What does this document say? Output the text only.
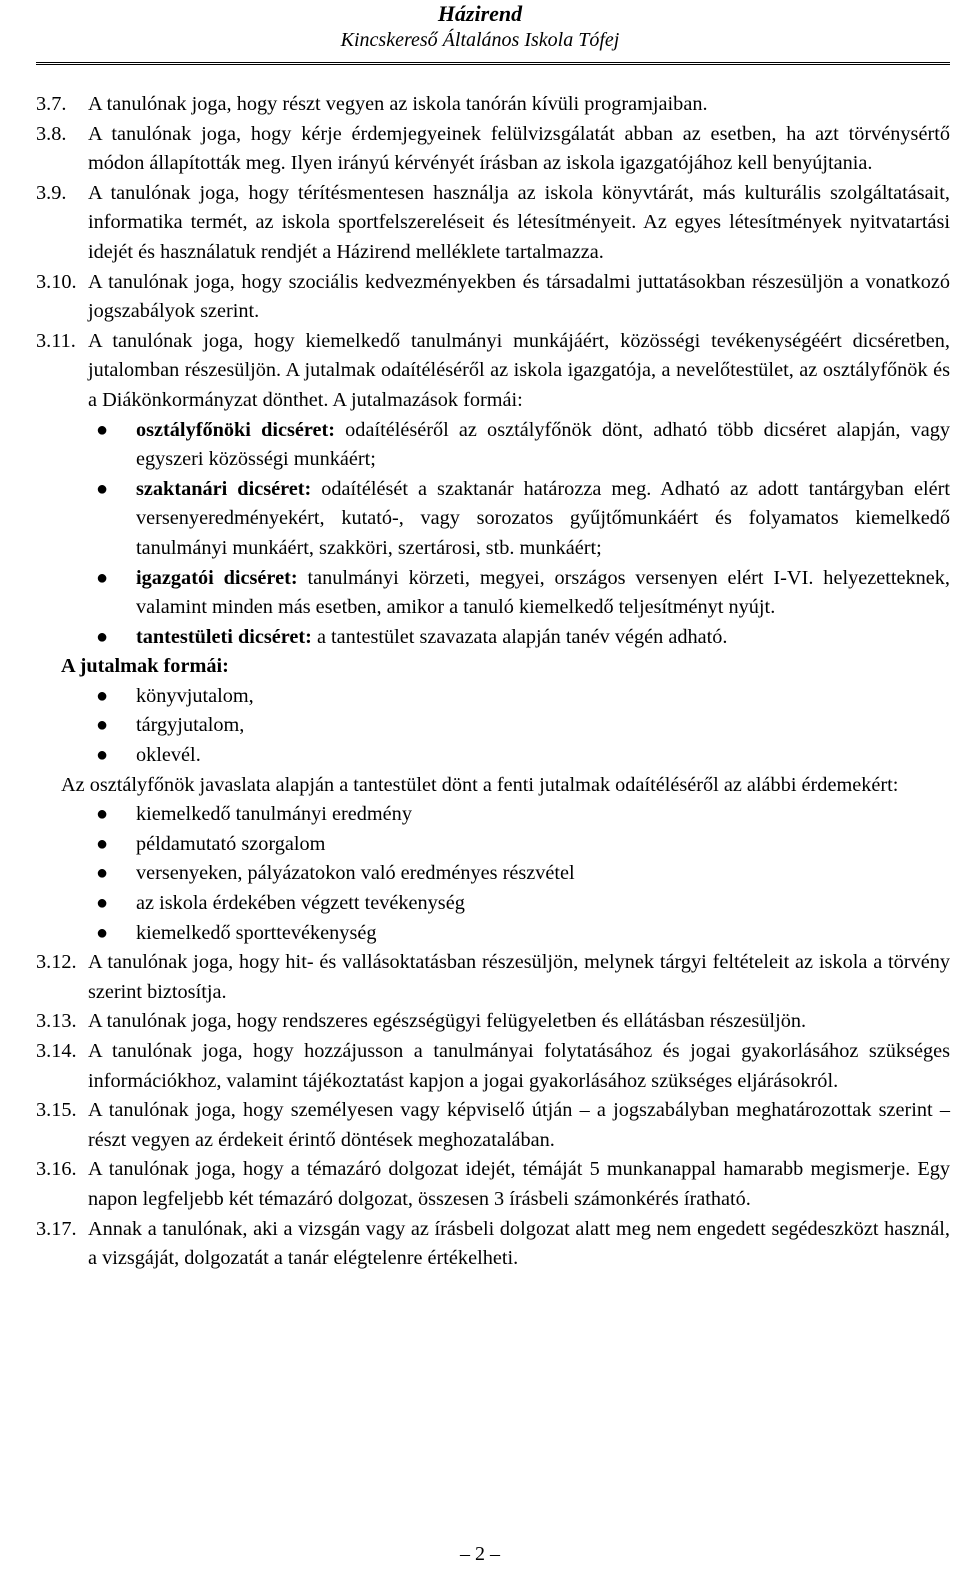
Házirend
Kincskereső Általános Iskola Tófej
3.7.	A tanulónak joga, hogy részt vegyen az iskola tanórán kívüli programjaiban.
3.8.	A tanulónak joga, hogy kérje érdemjegyeinek felülvizsgálatát abban az esetben, ha azt törvénysértő módon állapították meg. Ilyen irányú kérvényét írásban az iskola igazgatójához kell benyújtania.
3.9.	A tanulónak joga, hogy térítésmentesen használja az iskola könyvtárát, más kulturális szolgáltatásait, informatika termét, az iskola sportfelszereléseit és létesítményeit. Az egyes létesítmények nyitvatartási idejét és használatuk rendjét a Házirend melléklete tartalmazza.
3.10. A tanulónak joga, hogy szociális kedvezményekben és társadalmi juttatásokban részesüljön a vonatkozó jogszabályok szerint.
3.11. A tanulónak joga, hogy kiemelkedő tanulmányi munkájáért, közösségi tevékenységéért dicséretben, jutalomban részesüljön. A jutalmak odaítéléséről az iskola igazgatója, a nevelőtestület, az osztályfőnök és a Diákönkormányzat dönthet. A jutalmazások formái:
●	osztályfőnöki dicséret: odaítéléséről az osztályfőnök dönt, adható több dicséret alapján, vagy egyszeri közösségi munkáért;
●	szaktanári dicséret: odaítélését a szaktanár határozza meg. Adható az adott tantárgyban elért versenyeredményekért, kutató-, vagy sorozatos gyűjtőmunkáért és folyamatos kiemelkedő tanulmányi munkáért, szakköri, szertárosi, stb. munkáért;
●	igazgatói dicséret: tanulmányi körzeti, megyei, országos versenyen elért I-VI. helyezetteknek, valamint minden más esetben, amikor a tanuló kiemelkedő teljesítményt nyújt.
●	tantestületi dicséret: a tantestület szavazata alapján tanév végén adható.
A jutalmak formái:
●	könyvjutalom,
●	tárgyjutalom,
●	oklevél.
Az osztályfőnök javaslata alapján a tantestület dönt a fenti jutalmak odaítéléséről az alábbi érdemekért:
●	kiemelkedő tanulmányi eredmény
●	példamutató szorgalom
●	versenyeken, pályázatokon való eredményes részvétel
●	az iskola érdekében végzett tevékenység
●	kiemelkedő sporttevékenység
3.12. A tanulónak joga, hogy hit- és vallásoktatásban részesüljön, melynek tárgyi feltételeit az iskola a törvény szerint biztosítja.
3.13. A tanulónak joga, hogy rendszeres egészségügyi felügyeletben és ellátásban részesüljön.
3.14. A tanulónak joga, hogy hozzájusson a tanulmányai folytatásához és jogai gyakorlásához szükséges információkhoz, valamint tájékoztatást kapjon a jogai gyakorlásához szükséges eljárásokról.
3.15. A tanulónak joga, hogy személyesen vagy képviselő útján – a jogszabályban meghatározottak szerint – részt vegyen az érdekeit érintő döntések meghozatalában.
3.16. A tanulónak joga, hogy a témazáró dolgozat idejét, témáját 5 munkanappal hamarabb megismerje. Egy napon legfeljebb két témazáró dolgozat, összesen 3 írásbeli számonkérés íratható.
3.17. Annak a tanulónak, aki a vizsgán vagy az írásbeli dolgozat alatt meg nem engedett segédeszközt használ, a vizsgáját, dolgozatát a tanár elégtelenre értékelheti.
– 2 –
